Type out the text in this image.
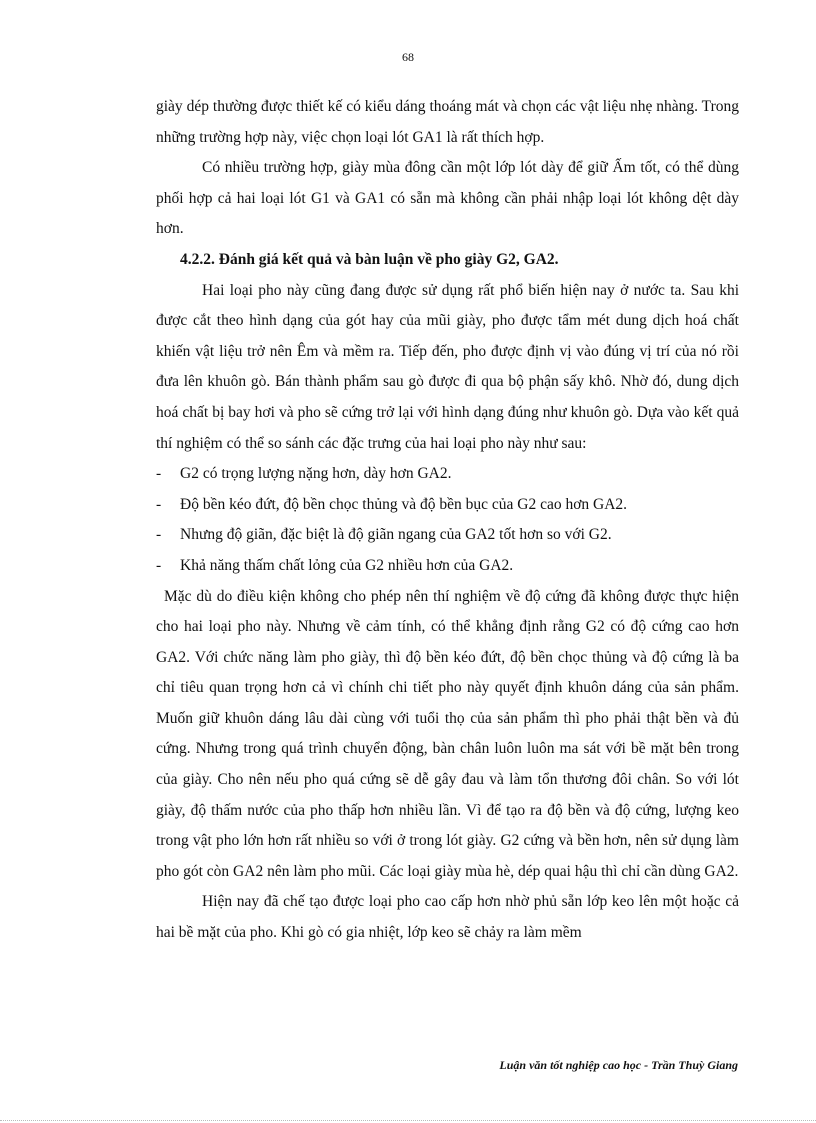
68

giày dép thường được thiết kế có kiểu dáng thoáng mát và chọn các vật liệu nhẹ nhàng. Trong những trường hợp này, việc chọn loại lót GA1 là rất thích hợp.

Có nhiều trường hợp, giày mùa đông cần một lớp lót dày để giữ Ấm tốt, có thể dùng phối hợp cả hai loại lót G1 và GA1 có sẵn mà không cần phải nhập loại lót không dệt dày hơn.

4.2.2. Đánh giá kết quả và bàn luận về pho giày G2, GA2.

Hai loại pho này cũng đang được sử dụng rất phổ biến hiện nay ở nước ta. Sau khi được cắt theo hình dạng của gót hay của mũi giày, pho được tẩm mét dung dịch hoá chất khiến vật liệu trở nên Êm và mềm ra. Tiếp đến, pho được định vị vào đúng vị trí của nó rồi đưa lên khuôn gò. Bán thành phẩm sau gò được đi qua bộ phận sấy khô. Nhờ đó, dung dịch hoá chất bị bay hơi và pho sẽ cứng trở lại với hình dạng đúng như khuôn gò. Dựa vào kết quả thí nghiệm có thể so sánh các đặc trưng của hai loại pho này như sau:

- G2 có trọng lượng nặng hơn, dày hơn GA2.
- Độ bền kéo đứt, độ bền chọc thủng và độ bền bục của G2 cao hơn GA2.
- Nhưng độ giãn, đặc biệt là độ giãn ngang của GA2 tốt hơn so với G2.
- Khả năng thấm chất lỏng của G2 nhiều hơn của GA2.

Mặc dù do điều kiện không cho phép nên thí nghiệm về độ cứng đã không được thực hiện cho hai loại pho này. Nhưng về cảm tính, có thể khẳng định rằng G2 có độ cứng cao hơn GA2. Với chức năng làm pho giày, thì độ bền kéo đứt, độ bền chọc thủng và độ cứng là ba chỉ tiêu quan trọng hơn cả vì chính chi tiết pho này quyết định khuôn dáng của sản phẩm. Muốn giữ khuôn dáng lâu dài cùng với tuổi thọ của sản phẩm thì pho phải thật bền và đủ cứng. Nhưng trong quá trình chuyển động, bàn chân luôn luôn ma sát với bề mặt bên trong của giày. Cho nên nếu pho quá cứng sẽ dễ gây đau và làm tổn thương đôi chân. So với lót giày, độ thấm nước của pho thấp hơn nhiều lần. Vì để tạo ra độ bền và độ cứng, lượng keo trong vật pho lớn hơn rất nhiều so với ở trong lót giày. G2 cứng và bền hơn, nên sử dụng làm pho gót còn GA2 nên làm pho mũi. Các loại giày mùa hè, dép quai hậu thì chỉ cần dùng GA2.

Hiện nay đã chế tạo được loại pho cao cấp hơn nhờ phủ sẵn lớp keo lên một hoặc cả hai bề mặt của pho. Khi gò có gia nhiệt, lớp keo sẽ chảy ra làm mềm

Luận văn tốt nghiệp cao học - Trần Thuỳ Giang
